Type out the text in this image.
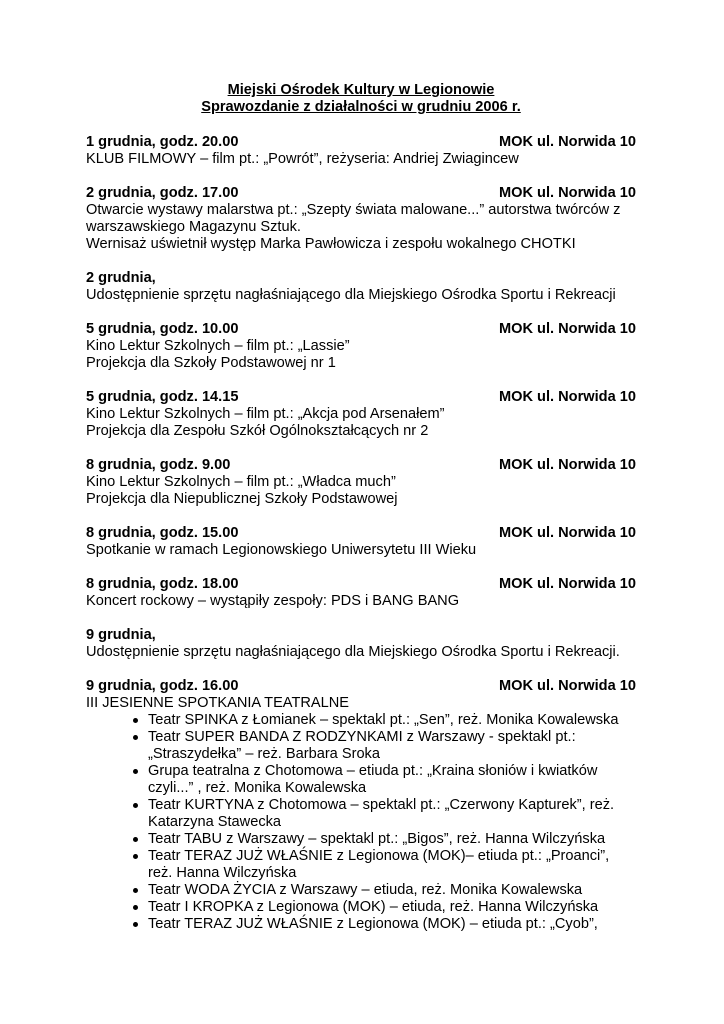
Miejski Ośrodek Kultury w Legionowie
Sprawozdanie z działalności w grudniu 2006 r.
1 grudnia, godz. 20.00	MOK ul. Norwida 10
KLUB FILMOWY – film pt.: „Powrót”, reżyseria: Andriej Zwiagincew
2 grudnia, godz. 17.00	MOK ul. Norwida 10
Otwarcie wystawy malarstwa pt.: „Szepty świata malowane...” autorstwa twórców z warszawskiego Magazynu Sztuk.
Wernisaż uświetnił występ Marka Pawłowicza i zespołu wokalnego CHOTKI
2 grudnia,
Udostępnienie sprzętu nagłaśniającego dla Miejskiego Ośrodka Sportu i Rekreacji
5 grudnia, godz. 10.00	MOK ul. Norwida 10
Kino Lektur Szkolnych – film pt.: „Lassie”
Projekcja dla Szkoły Podstawowej nr 1
5 grudnia, godz. 14.15	MOK ul. Norwida 10
Kino Lektur Szkolnych – film pt.: „Akcja pod Arsenałem”
Projekcja dla Zespołu Szkół Ogólnokształcących nr 2
8 grudnia, godz. 9.00	MOK ul. Norwida 10
Kino Lektur Szkolnych – film pt.: „Władca much”
Projekcja dla Niepublicznej Szkoły Podstawowej
8 grudnia, godz. 15.00	MOK ul. Norwida 10
Spotkanie w ramach Legionowskiego Uniwersytetu III Wieku
8 grudnia, godz. 18.00	MOK ul. Norwida 10
Koncert rockowy – wystąpiły zespoły: PDS i BANG BANG
9 grudnia,
Udostępnienie sprzętu nagłaśniającego dla Miejskiego Ośrodka Sportu i Rekreacji.
9 grudnia, godz. 16.00	MOK ul. Norwida 10
III JESIENNE SPOTKANIA TEATRALNE
Teatr SPINKA z Łomianek – spektakl pt.: „Sen”, reż. Monika Kowalewska
Teatr SUPER BANDA Z RODZYNKAMI z Warszawy - spektakl pt.: „Straszydełka” – reż. Barbara Sroka
Grupa teatralna z Chotomowa – etiuda pt.: „Kraina słoniów i kwiatków czyli...” , reż. Monika Kowalewska
Teatr KURTYNA z Chotomowa – spektakl pt.: „Czerwony Kapturek”, reż. Katarzyna Stawecka
Teatr TABU z Warszawy – spektakl pt.: „Bigos”, reż. Hanna Wilczyńska
Teatr TERAZ JUŻ WŁAŚNIE z Legionowa (MOK)– etiuda pt.: „Proanci”, reż. Hanna Wilczyńska
Teatr WODA ŻYCIA z Warszawy – etiuda, reż. Monika Kowalewska
Teatr I KROPKA z Legionowa (MOK) – etiuda, reż. Hanna Wilczyńska
Teatr TERAZ JUŻ WŁAŚNIE z Legionowa (MOK) – etiuda pt.: „Cyob”,
